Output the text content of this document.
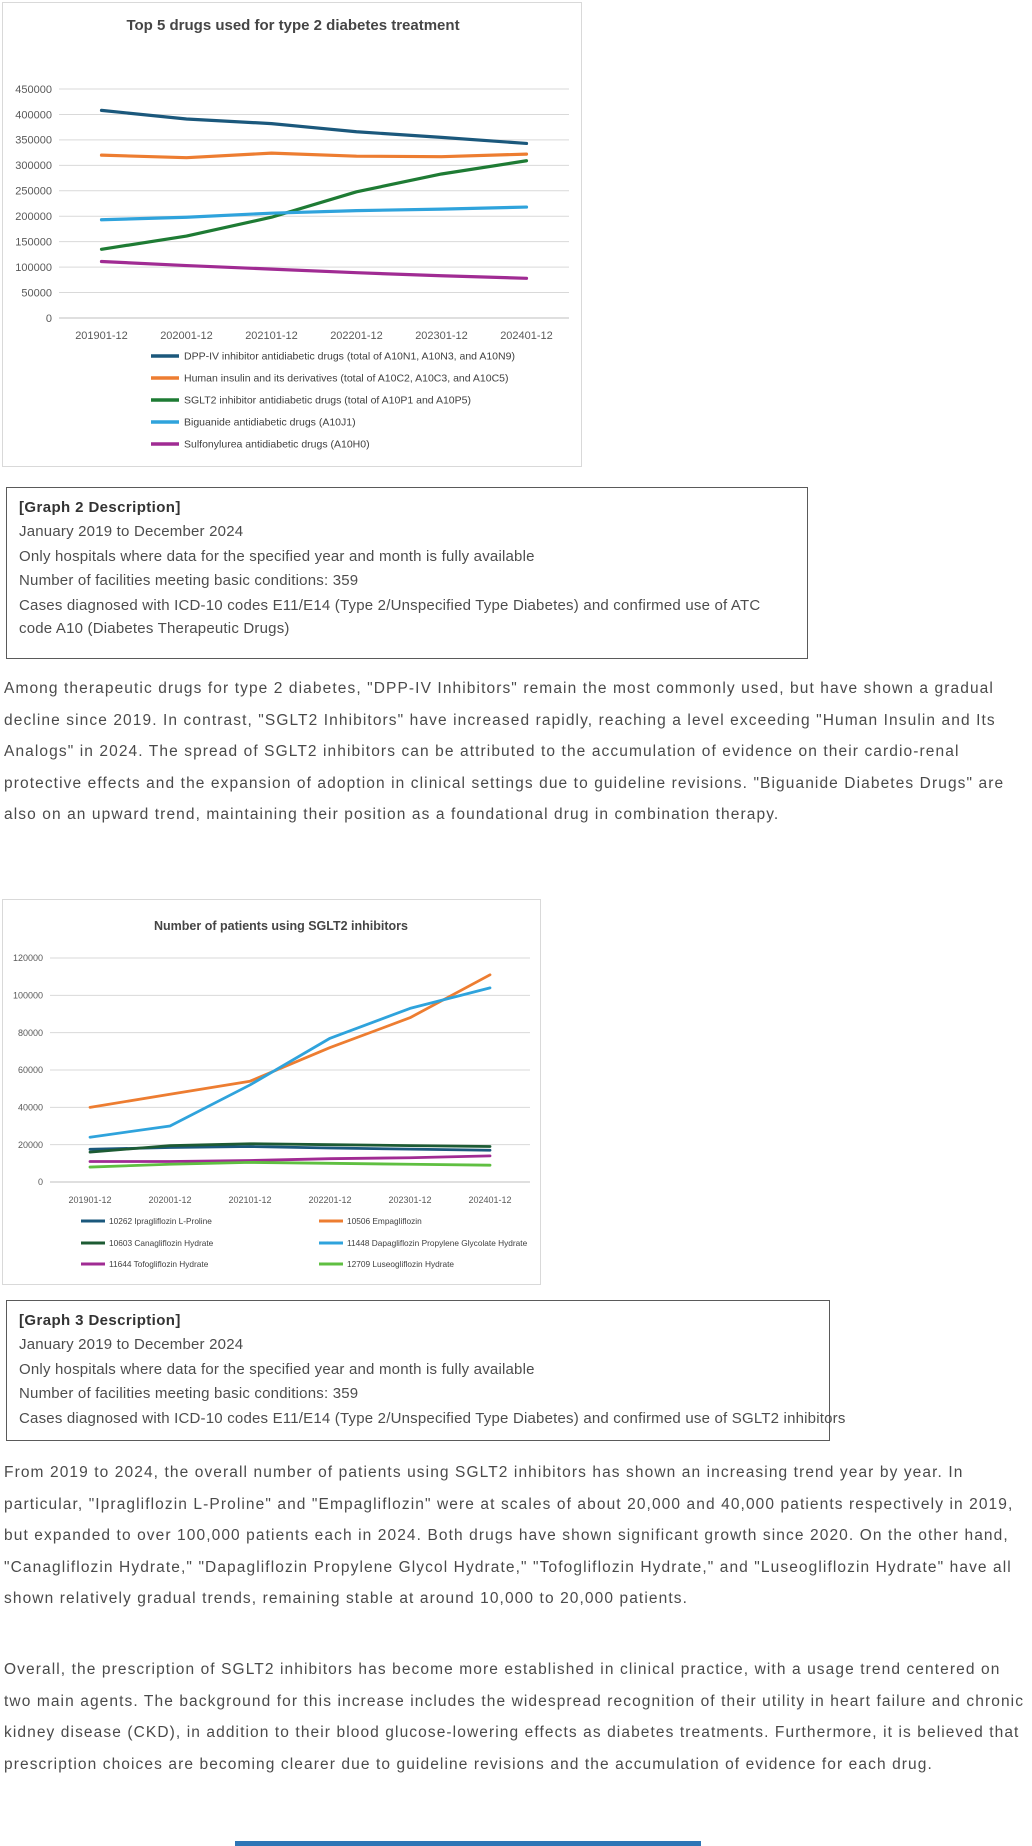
0
50000
100000
150000
200000
250000
300000
350000
400000
450000
201901-12	202001-12	202101-12	202201-12	202301-12	202401-12
Top 5 drugs used for type 2 diabetes treatment
DPP-IV inhibitor antidiabetic drugs (total of A10N1, A10N3, and A10N9)
Human insulin and its derivatives (total of A10C2, A10C3, and A10C5)
SGLT2 inhibitor antidiabetic drugs (total of A10P1 and A10P5)
Biguanide antidiabetic drugs (A10J1)
Sulfonylurea antidiabetic drugs (A10H0)
[Graph 2 Description]
January 2019 to December 2024
Only hospitals where data for the specified year and month is fully available
Number of facilities meeting basic conditions: 359
Cases diagnosed with ICD-10 codes E11/E14 (Type 2/Unspecified Type Diabetes) and confirmed use of ATC code A10 (Diabetes Therapeutic Drugs)

Among therapeutic drugs for type 2 diabetes, "DPP-IV Inhibitors" remain the most commonly used, but have shown a gradual decline since 2019. In contrast, "SGLT2 Inhibitors" have increased rapidly, reaching a level exceeding "Human Insulin and Its Analogs" in 2024. The spread of SGLT2 inhibitors can be attributed to the accumulation of evidence on their cardio-renal protective effects and the expansion of adoption in clinical settings due to guideline revisions. "Biguanide Diabetes Drugs" are also on an upward trend, maintaining their position as a foundational drug in combination therapy.

0
20000
40000
60000
80000
100000
120000
201901-12	202001-12	202101-12	202201-12	202301-12	202401-12
Number of patients using SGLT2 inhibitors
10262 Ipragliflozin L-Proline	10506 Empagliflozin
10603 Canagliflozin Hydrate	11448 Dapagliflozin Propylene Glycolate Hydrate
11644 Tofogliflozin Hydrate	12709 Luseogliflozin Hydrate
[Graph 3 Description]
January 2019 to December 2024
Only hospitals where data for the specified year and month is fully available
Number of facilities meeting basic conditions: 359
Cases diagnosed with ICD-10 codes E11/E14 (Type 2/Unspecified Type Diabetes) and confirmed use of SGLT2 inhibitors

From 2019 to 2024, the overall number of patients using SGLT2 inhibitors has shown an increasing trend year by year. In particular, "Ipragliflozin L-Proline" and "Empagliflozin" were at scales of about 20,000 and 40,000 patients respectively in 2019, but expanded to over 100,000 patients each in 2024. Both drugs have shown significant growth since 2020. On the other hand, "Canagliflozin Hydrate," "Dapagliflozin Propylene Glycol Hydrate," "Tofogliflozin Hydrate," and "Luseogliflozin Hydrate" have all shown relatively gradual trends, remaining stable at around 10,000 to 20,000 patients.

Overall, the prescription of SGLT2 inhibitors has become more established in clinical practice, with a usage trend centered on two main agents. The background for this increase includes the widespread recognition of their utility in heart failure and chronic kidney disease (CKD), in addition to their blood glucose-lowering effects as diabetes treatments. Furthermore, it is believed that prescription choices are becoming clearer due to guideline revisions and the accumulation of evidence for each drug.
